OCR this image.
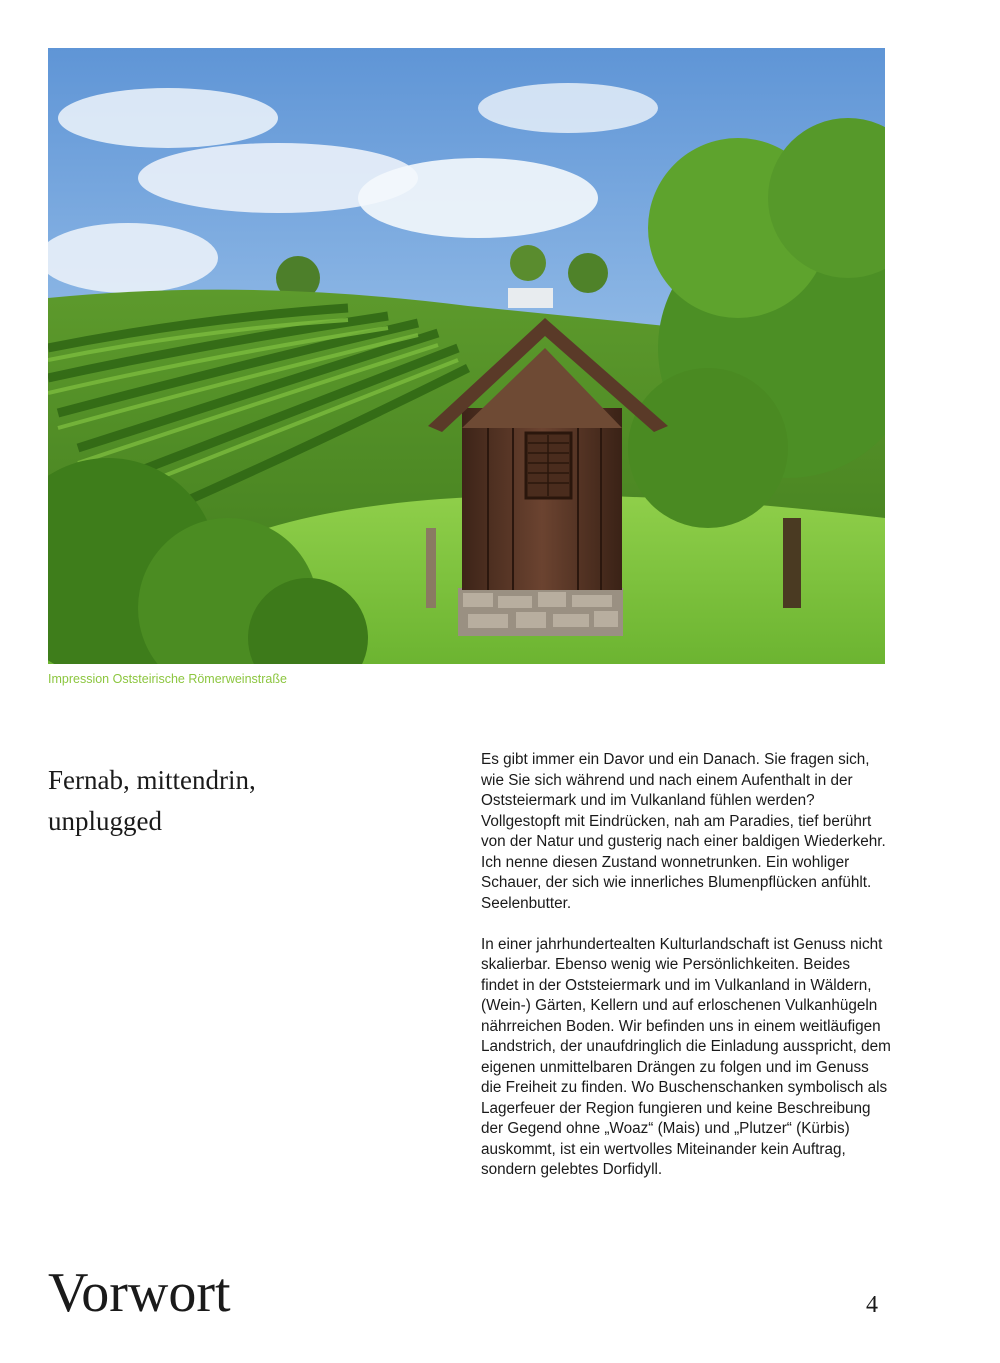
Impression Oststeirische Römerweinstraße
Fernab, mittendrin,
unplugged

Es gibt immer ein Davor und ein Danach. Sie fragen sich, wie Sie sich während und nach einem Aufenthalt in der Oststeiermark und im Vulkanland fühlen werden? Vollgestopft mit Eindrücken, nah am Paradies, tief berührt von der Natur und gusterig nach einer baldigen Wiederkehr. Ich nenne diesen Zustand wonnetrunken. Ein wohliger Schauer, der sich wie innerliches Blumenpflücken anfühlt. Seelenbutter.

In einer jahrhundertealten Kulturlandschaft ist Genuss nicht skalierbar. Ebenso wenig wie Persönlichkeiten. Beides findet in der Oststeiermark und im Vulkanland in Wäldern, (Wein-) Gärten, Kellern und auf erloschenen Vulkanhügeln nährreichen Boden. Wir befinden uns in einem weitläufigen Landstrich, der unaufdringlich die Einladung ausspricht, dem eigenen unmittelbaren Drängen zu folgen und im Genuss die Freiheit zu finden. Wo Buschenschanken symbolisch als Lagerfeuer der Region fungieren und keine Beschreibung der Gegend ohne „Woaz“ (Mais) und „Plutzer“ (Kürbis) auskommt, ist ein wertvolles Miteinander kein Auftrag, sondern gelebtes Dorfidyll.

Vorwort	4
